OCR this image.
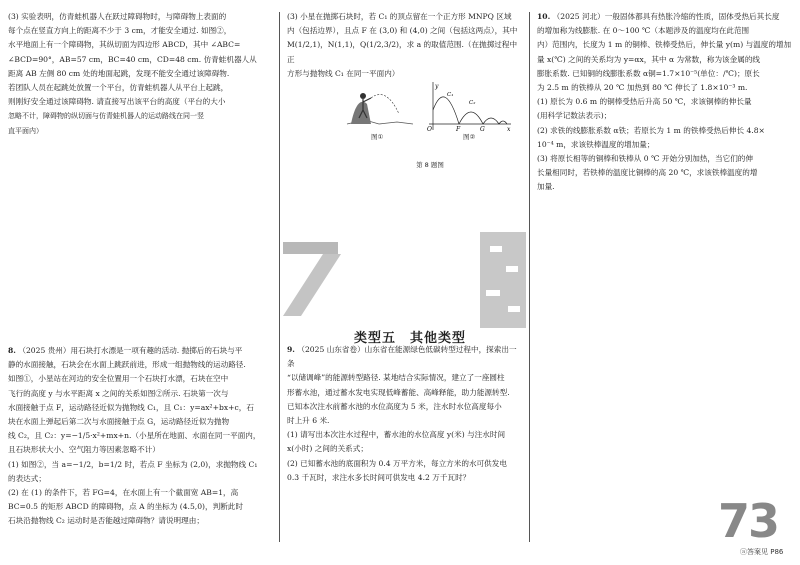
(3) 实验表明，仿青蛙机器人在跃过障碍物时，与障碍物上表面的

每个点在竖直方向上的距离不少于 3 cm，才能安全通过. 如图②，

水平地面上有一个障碍物，其纵切面为四边形 ABCD，其中 ∠ABC=

∠BCD=90°，AB=57 cm，BC=40 cm，CD=48 cm. 仿青蛙机器人从

距离 AB 左侧 80 cm 处的地面起跳，发现不能安全通过该障碍物.

若团队人员在起跳处放置一个平台，仿青蛙机器人从平台上起跳，

则刚好安全通过该障碍物. 请直接写出该平台的高度（平台的大小

忽略不计，障碍物的纵切面与仿青蛙机器人的运动路线在同一竖

直平面内）

8. （2025 贵州）用石块打水漂是一项有趣的活动. 抛掷后的石块与平

静的水面接触，石块会在水面上跳跃前进，形成一组抛物线的运动路径.

如图①，小星站在河边的安全位置用一个石块打水漂，石块在空中

飞行的高度 y 与水平距离 x 之间的关系如图②所示. 石块第一次与

水面接触于点 F，运动路径近似为抛物线 C₁，且 C₁：y=ax²+bx+c，石

块在水面上弹起后第二次与水面接触于点 G，运动路径近似为抛物

线 C₂，且 C₂：y=−1/5·x²+mx+n.（小星所在地面、水面在同一平面内，

且石块形状大小、空气阻力等因素忽略不计）

(1) 如图②，当 a=−1/2，b=1/2 时，若点 F 坐标为 (2,0)，求抛物线 C₁

的表达式；

(2) 在 (1) 的条件下，若 FG=4，在水面上有一个截面宽 AB=1，高

BC=0.5 的矩形 ABCD 的障碍物，点 A 的坐标为 (4.5,0)，判断此时

石块沿抛物线 C₂ 运动时是否能越过障碍物？请说明理由；

(3) 小星在抛掷石块时，若 C₁ 的顶点留在一个正方形 MNPQ 区域

内（包括边界），且点 F 在 (3,0) 和 (4,0) 之间（包括这两点），其中

M(1/2,1)，N(1,1)，Q(1/2,3/2)，求 a 的取值范围.（在抛掷过程中正

方形与抛物线 C₁ 在同一平面内）

图①
y
x
O	F	G
C₁
C₂
图②
第 8 题图
类型五　其他类型

9. （2025 山东省卷）山东省在能源绿色低碳转型过程中，探索出一条

“以储调峰”的能源转型路径. 某地结合实际情况，建立了一座圆柱

形蓄水池，通过蓄水发电实现低峰蓄能、高峰释能，助力能源转型.

已知本次注水前蓄水池的水位高度为 5 米，注水时水位高度每小

时上升 6 米.

(1) 请写出本次注水过程中，蓄水池的水位高度 y(米) 与注水时间

x(小时) 之间的关系式；

(2) 已知蓄水池的底面积为 0.4 万平方米，每立方米的水可供发电

0.3 千瓦时，求注水多长时间可供发电 4.2 万千瓦时？

10. （2025 河北）一般固体都具有热胀冷缩的性质，固体受热后其长度

的增加称为线膨胀. 在 0～100 ℃（本题涉及的温度均在此范围

内）范围内，长度为 1 m 的铜棒、铁棒受热后，伸长量 y(m) 与温度的增加

量 x(℃) 之间的关系均为 y=αx，其中 α 为常数，称为该金属的线

膨胀系数. 已知铜的线膨胀系数 α铜=1.7×10⁻⁵(单位：/℃)；原长

为 2.5 m 的铁棒从 20 ℃ 加热到 80 ℃ 伸长了 1.8×10⁻³ m.

(1) 原长为 0.6 m 的铜棒受热后升高 50 ℃，求该铜棒的伸长量

(用科学记数法表示)；

(2) 求铁的线膨胀系数 α铁；若原长为 1 m 的铁棒受热后伸长 4.8×

10⁻⁴ m，求该铁棒温度的增加量；

(3) 将原长相等的铜棒和铁棒从 0 ℃ 开始分别加热，当它们的伸

长量相同时，若铁棒的温度比铜棒的高 20 ℃，求该铁棒温度的增

加量.

73
ⓐ答案见 P86
